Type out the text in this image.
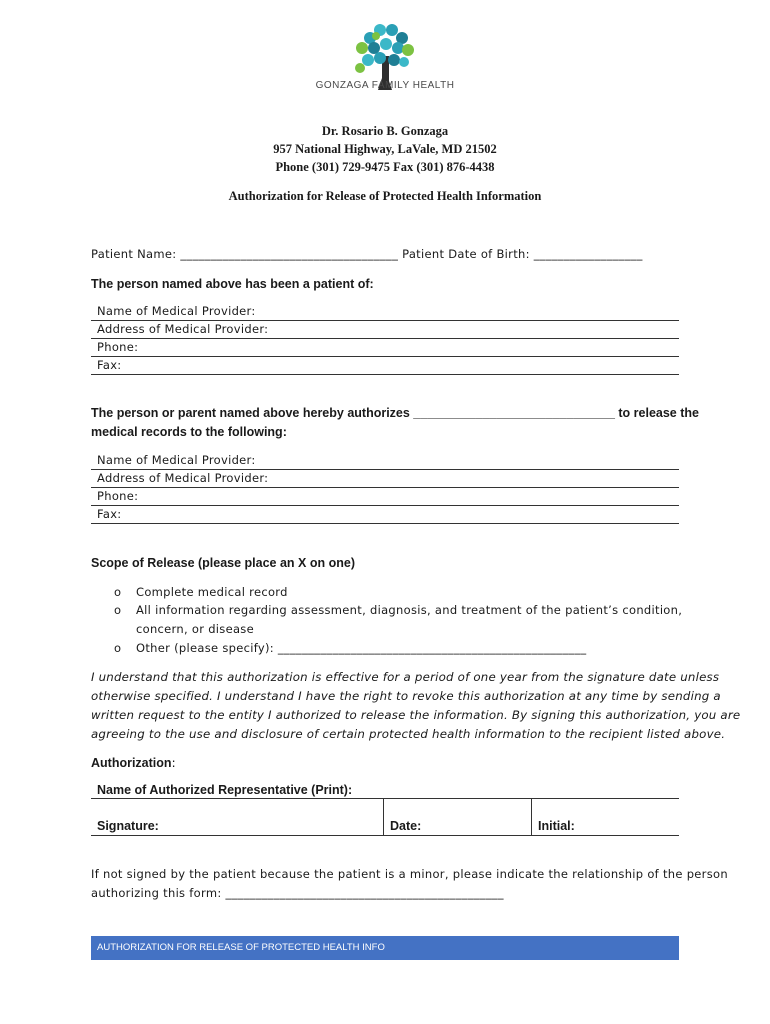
GONZAGA FAMILY HEALTH
Dr. Rosario B. Gonzaga
957 National Highway, LaVale, MD 21502
Phone (301) 729-9475 Fax (301) 876-4438
Authorization for Release of Protected Health Information
Patient Name: ____________________________________ Patient Date of Birth: __________________
The person named above has been a patient of:
Name of Medical Provider:
Address of Medical Provider:
Phone:
Fax:
The person or parent named above hereby authorizes _____________________________ to release the
medical records to the following:
Name of Medical Provider:
Address of Medical Provider:
Phone:
Fax:
Scope of Release (please place an X on one)
o Complete medical record
o All information regarding assessment, diagnosis, and treatment of the patient’s condition,
concern, or disease
o Other (please specify): ___________________________________________________
I understand that this authorization is effective for a period of one year from the signature date unless
otherwise specified. I understand I have the right to revoke this authorization at any time by sending a
written request to the entity I authorized to release the information. By signing this authorization, you are
agreeing to the use and disclosure of certain protected health information to the recipient listed above.
Authorization:
Name of Authorized Representative (Print):
Signature:	Date:	Initial:
If not signed by the patient because the patient is a minor, please indicate the relationship of the person
authorizing this form: ______________________________________________
AUTHORIZATION FOR RELEASE OF PROTECTED HEALTH INFO
